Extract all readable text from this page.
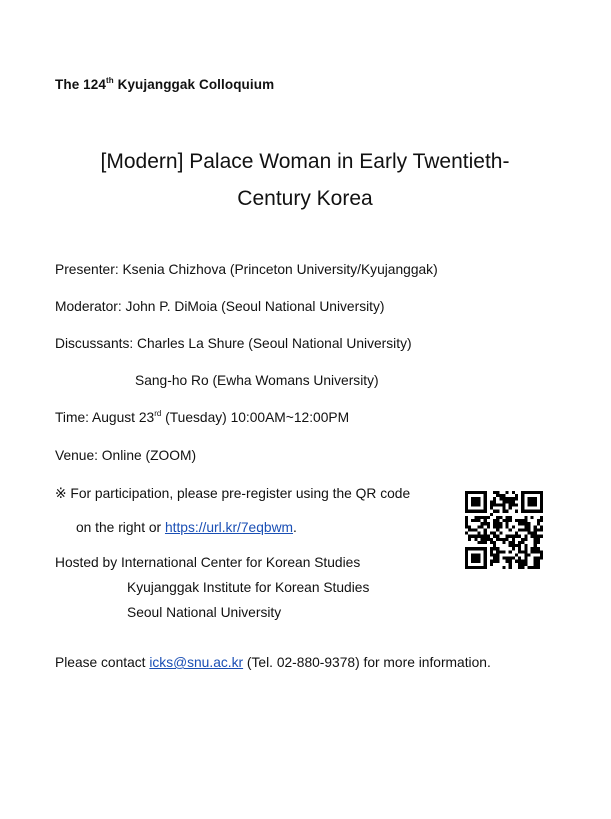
The 124th Kyujanggak Colloquium
[Modern] Palace Woman in Early Twentieth-
Century Korea
Presenter: Ksenia Chizhova (Princeton University/Kyujanggak)
Moderator: John P. DiMoia (Seoul National University)
Discussants: Charles La Shure (Seoul National University)
Sang-ho Ro (Ewha Womans University)
Time: August 23rd (Tuesday) 10:00AM~12:00PM
Venue: Online (ZOOM)
※ For participation, please pre-register using the QR code
on the right or https://url.kr/7eqbwm.
Hosted by International Center for Korean Studies
Kyujanggak Institute for Korean Studies
Seoul National University
Please contact icks@snu.ac.kr (Tel. 02-880-9378) for more information.
